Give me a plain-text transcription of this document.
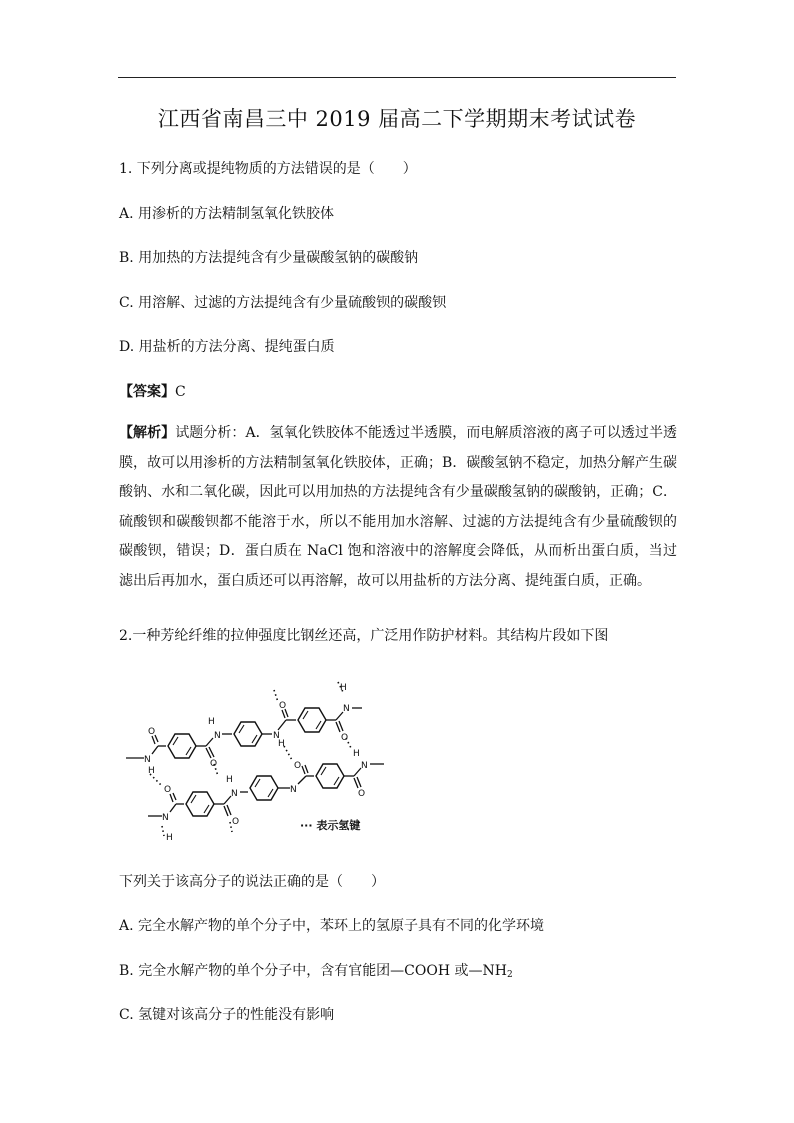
江西省南昌三中 2019 届高二下学期期末考试试卷
1. 下列分离或提纯物质的方法错误的是（　　）
A. 用渗析的方法精制氢氧化铁胶体
B. 用加热的方法提纯含有少量碳酸氢钠的碳酸钠
C. 用溶解、过滤的方法提纯含有少量硫酸钡的碳酸钡
D. 用盐析的方法分离、提纯蛋白质
【答案】C
【解析】试题分析：A．氢氧化铁胶体不能透过半透膜，而电解质溶液的离子可以透过半透膜，故可以用渗析的方法精制氢氧化铁胶体，正确；B．碳酸氢钠不稳定，加热分解产生碳酸钠、水和二氧化碳，因此可以用加热的方法提纯含有少量碳酸氢钠的碳酸钠，正确；C．硫酸钡和碳酸钡都不能溶于水，所以不能用加水溶解、过滤的方法提纯含有少量硫酸钡的碳酸钡，错误；D．蛋白质在 NaCl 饱和溶液中的溶解度会降低，从而析出蛋白质，当过滤出后再加水，蛋白质还可以再溶解，故可以用盐析的方法分离、提纯蛋白质，正确。
2.一种芳纶纤维的拉伸强度比钢丝还高，广泛用作防护材料。其结构片段如下图
N
H
O	N
H
O
N
H
O	N
H
O
N
O
H
N
H
O
N
O	N
H
O
··· 表示氢键
下列关于该高分子的说法正确的是（　　）
A. 完全水解产物的单个分子中，苯环上的氢原子具有不同的化学环境
B. 完全水解产物的单个分子中，含有官能团—COOH 或$—NH_2$
C. 氢键对该高分子的性能没有影响
